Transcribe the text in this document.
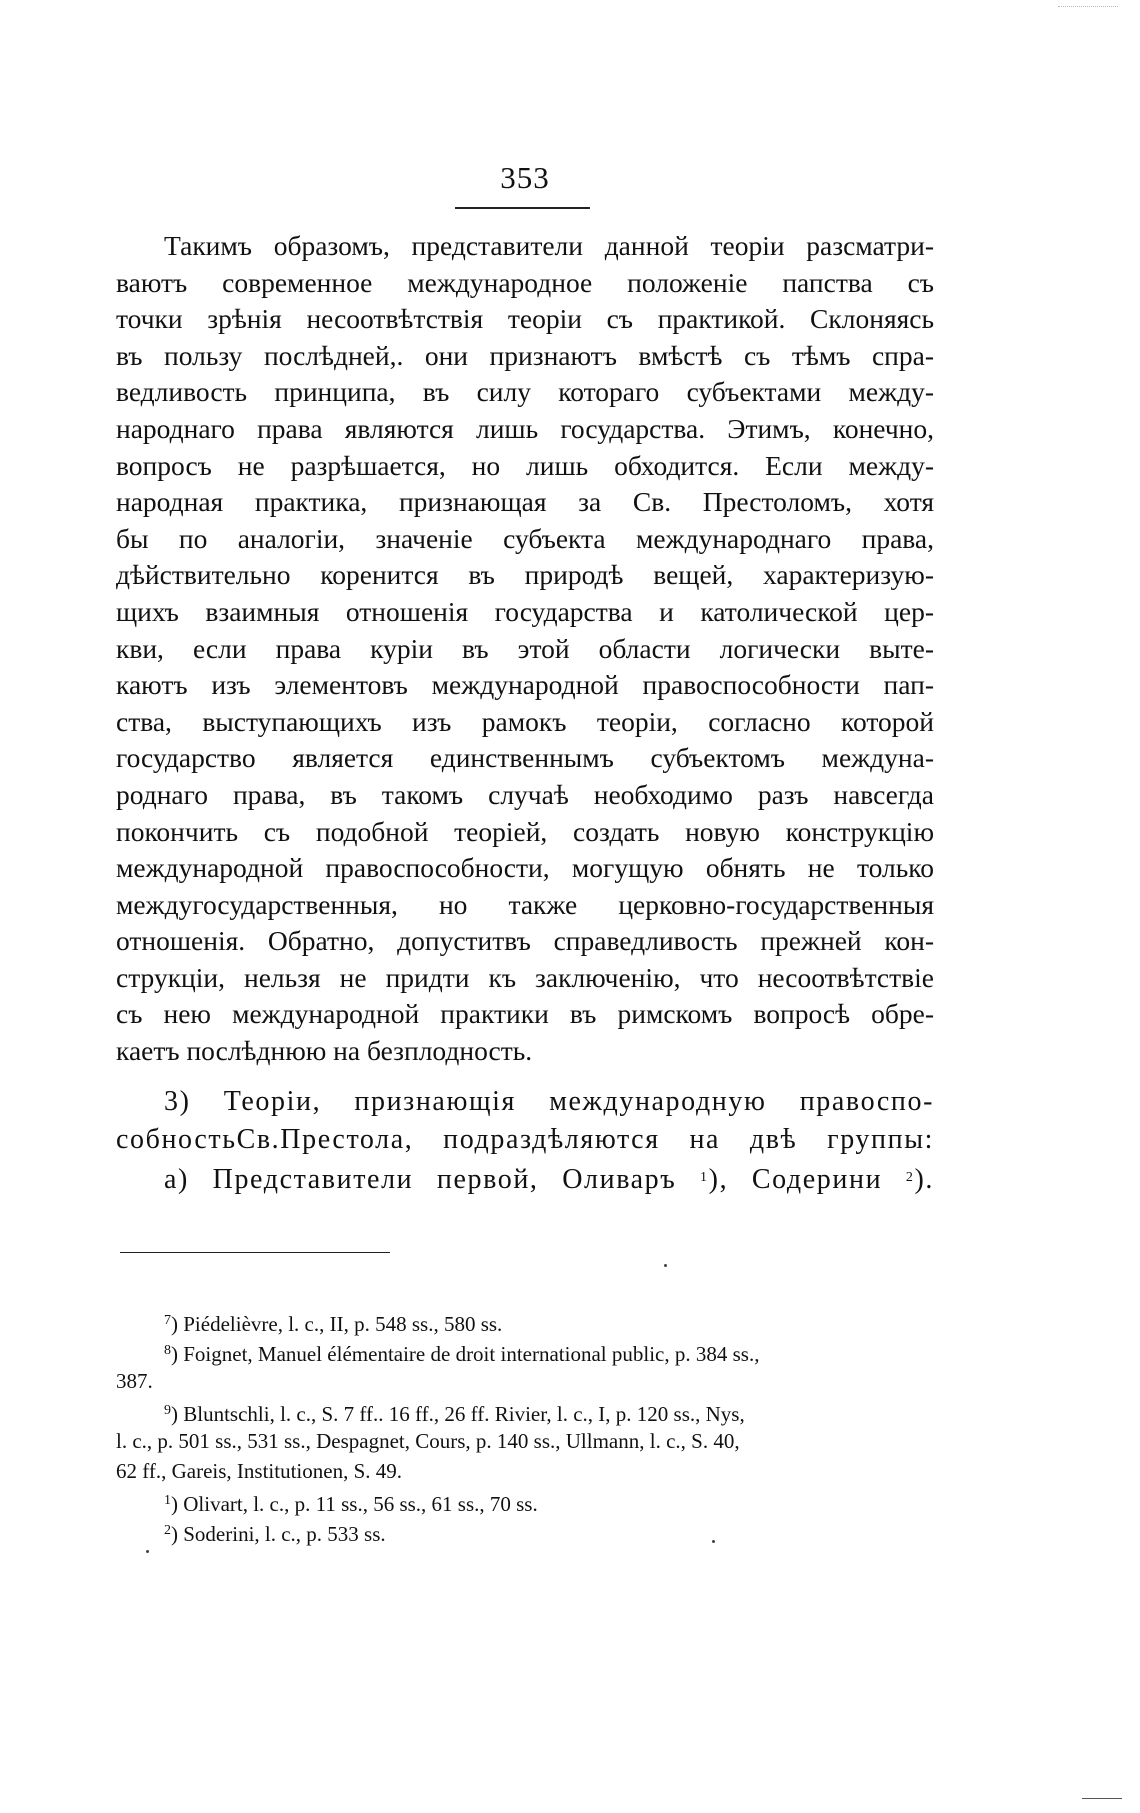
353
Такимъ образомъ, представители данной теоріи разсматри-
ваютъ современное международное положеніе папства съ
точки зрѣнія несоотвѣтствія теоріи съ практикой. Склоняясь
въ пользу послѣдней,. они признаютъ вмѣстѣ съ тѣмъ спра-
ведливость принципа, въ силу котораго субъектами между-
народнаго права являются лишь государства. Этимъ, конечно,
вопросъ не разрѣшается, но лишь обходится. Если между-
народная практика, признающая за Св. Престоломъ, хотя
бы по аналогіи, значеніе субъекта международнаго права,
дѣйствительно коренится въ природѣ вещей, характеризую-
щихъ взаимныя отношенія государства и католической цер-
кви, если права куріи въ этой области логически выте-
каютъ изъ элементовъ международной правоспособности пап-
ства, выступающихъ изъ рамокъ теоріи, согласно которой
государство является единственнымъ субъектомъ междуна-
роднаго права, въ такомъ случаѣ необходимо разъ навсегда
покончить съ подобной теоріей, создать новую конструкцію
международной правоспособности, могущую обнять не только
междугосударственныя, но также церковно-государственныя
отношенія. Обратно, допуститвъ справедливость прежней кон-
струкціи, нельзя не придти къ заключенію, что несоотвѣтствіе
съ нею международной практики въ римскомъ вопросѣ обре-
каетъ послѣднюю на безплодность.
3) Теоріи, признающія международную правоспо-
собностьСв.Престола, подраздѣляются на двѣ группы:
а) Представители первой, Оливаръ $^1$), Содерини $^2$).
$^7$) Piédelièvre, l. c., II, p. 548 ss., 580 ss.
$^8$) Foignet, Manuel élémentaire de droit international public, p. 384 ss.,
387.
$^9$) Bluntschli, l. c., S. 7 ff.. 16 ff., 26 ff. Rivier, l. c., I, p. 120 ss., Nys,
l. c., p. 501 ss., 531 ss., Despagnet, Cours, p. 140 ss., Ullmann, l. c., S. 40,
62 ff., Gareis, Institutionen, S. 49.
$^1$) Olivart, l. c., p. 11 ss., 56 ss., 61 ss., 70 ss.
$^2$) Soderini, l. c., p. 533 ss.
